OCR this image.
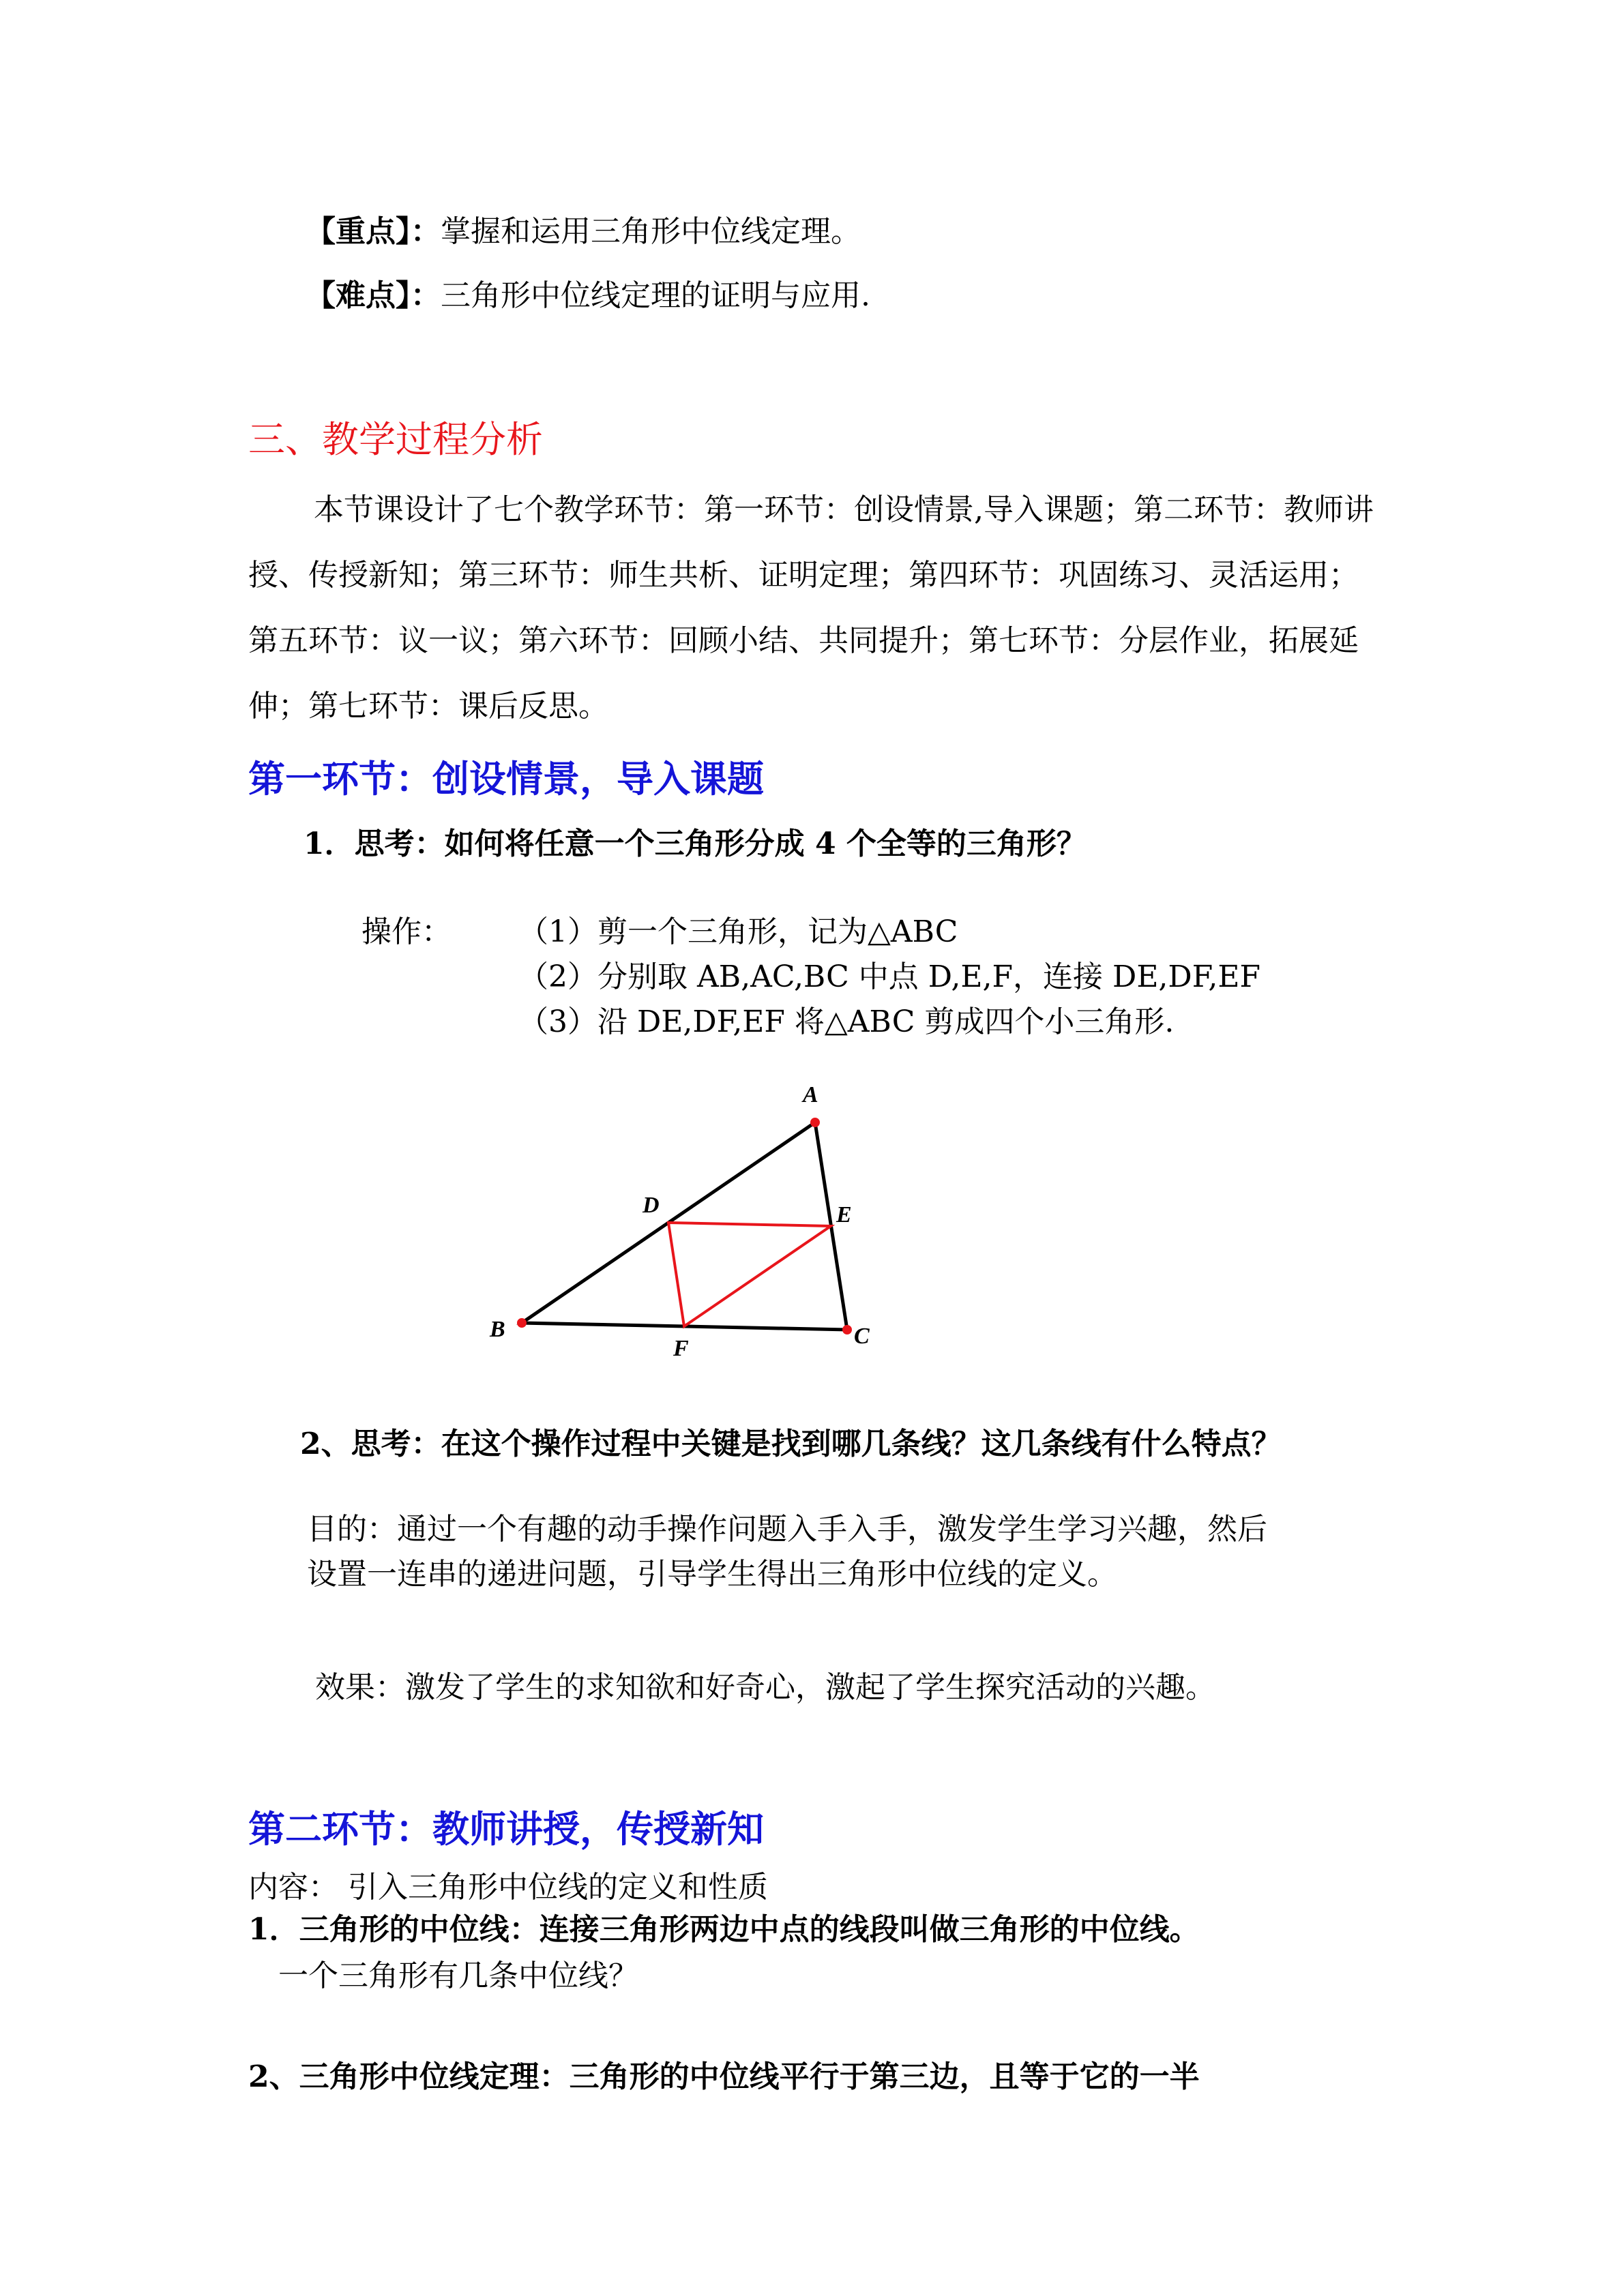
【重点】：掌握和运用三角形中位线定理。
【难点】：三角形中位线定理的证明与应用.
三、教学过程分析
本节课设计了七个教学环节：第一环节：创设情景,导入课题；第二环节：教师讲授、传授新知；第三环节：师生共析、证明定理；第四环节：巩固练习、灵活运用；第五环节：议一议；第六环节：回顾小结、共同提升；第七环节：分层作业，拓展延伸；第七环节：课后反思。
第一环节：创设情景，导入课题
1．思考：如何将任意一个三角形分成 4 个全等的三角形？
操作： （1）剪一个三角形，记为△ABC
（2）分别取 AB,AC,BC 中点 D,E,F，连接 DE,DF,EF
（3）沿 DE,DF,EF 将△ABC 剪成四个小三角形.
A
B	C
D	E
F
2、思考：在这个操作过程中关键是找到哪几条线？这几条线有什么特点？
目的：通过一个有趣的动手操作问题入手入手，激发学生学习兴趣，然后
设置一连串的递进问题，引导学生得出三角形中位线的定义。
效果：激发了学生的求知欲和好奇心，激起了学生探究活动的兴趣。
第二环节：教师讲授，传授新知
内容： 引入三角形中位线的定义和性质
1．三角形的中位线：连接三角形两边中点的线段叫做三角形的中位线。
一个三角形有几条中位线？
2、三角形中位线定理：三角形的中位线平行于第三边，且等于它的一半
